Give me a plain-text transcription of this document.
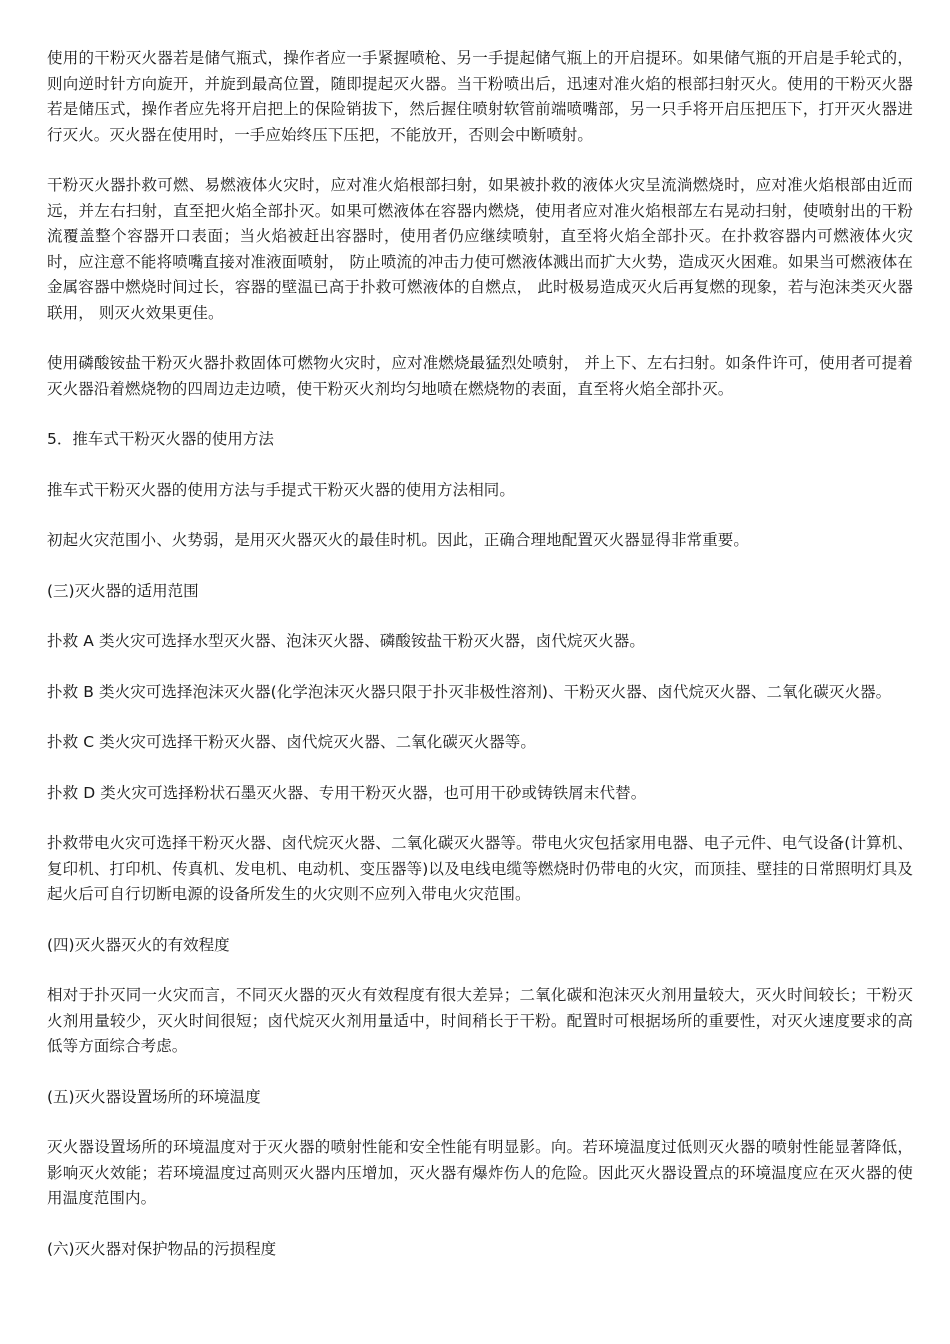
使用的干粉灭火器若是储气瓶式，操作者应一手紧握喷枪、另一手提起储气瓶上的开启提环。如果储气瓶的开启是手轮式的，则向逆时针方向旋开，并旋到最高位置，随即提起灭火器。当干粉喷出后，迅速对准火焰的根部扫射灭火。使用的干粉灭火器若是储压式，操作者应先将开启把上的保险销拔下，然后握住喷射软管前端喷嘴部，另一只手将开启压把压下，打开灭火器进行灭火。灭火器在使用时，一手应始终压下压把，不能放开，否则会中断喷射。

干粉灭火器扑救可燃、易燃液体火灾时，应对准火焰根部扫射，如果被扑救的液体火灾呈流淌燃烧时，应对准火焰根部由近而远，并左右扫射，直至把火焰全部扑灭。如果可燃液体在容器内燃烧，使用者应对准火焰根部左右晃动扫射，使喷射出的干粉流覆盖整个容器开口表面；当火焰被赶出容器时，使用者仍应继续喷射，直至将火焰全部扑灭。在扑救容器内可燃液体火灾时，应注意不能将喷嘴直接对准液面喷射， 防止喷流的冲击力使可燃液体溅出而扩大火势，造成灭火困难。如果当可燃液体在金属容器中燃烧时间过长，容器的壁温已高于扑救可燃液体的自燃点， 此时极易造成灭火后再复燃的现象，若与泡沫类灭火器联用， 则灭火效果更佳。

使用磷酸铵盐干粉灭火器扑救固体可燃物火灾时，应对准燃烧最猛烈处喷射， 并上下、左右扫射。如条件许可，使用者可提着灭火器沿着燃烧物的四周边走边喷，使干粉灭火剂均匀地喷在燃烧物的表面，直至将火焰全部扑灭。

5．推车式干粉灭火器的使用方法

推车式干粉灭火器的使用方法与手提式干粉灭火器的使用方法相同。

初起火灾范围小、火势弱，是用灭火器灭火的最佳时机。因此，正确合理地配置灭火器显得非常重要。

(三)灭火器的适用范围

扑救 A 类火灾可选择水型灭火器、泡沫灭火器、磷酸铵盐干粉灭火器，卤代烷灭火器。

扑救 B 类火灾可选择泡沫灭火器(化学泡沫灭火器只限于扑灭非极性溶剂)、干粉灭火器、卤代烷灭火器、二氧化碳灭火器。

扑救 C 类火灾可选择干粉灭火器、卤代烷灭火器、二氧化碳灭火器等。

扑救 D 类火灾可选择粉状石墨灭火器、专用干粉灭火器，也可用干砂或铸铁屑末代替。

扑救带电火灾可选择干粉灭火器、卤代烷灭火器、二氧化碳灭火器等。带电火灾包括家用电器、电子元件、电气设备(计算机、复印机、打印机、传真机、发电机、电动机、变压器等)以及电线电缆等燃烧时仍带电的火灾，而顶挂、壁挂的日常照明灯具及起火后可自行切断电源的设备所发生的火灾则不应列入带电火灾范围。

(四)灭火器灭火的有效程度

相对于扑灭同一火灾而言，不同灭火器的灭火有效程度有很大差异；二氧化碳和泡沫灭火剂用量较大，灭火时间较长；干粉灭火剂用量较少，灭火时间很短；卤代烷灭火剂用量适中，时间稍长于干粉。配置时可根据场所的重要性，对灭火速度要求的高低等方面综合考虑。

(五)灭火器设置场所的环境温度

灭火器设置场所的环境温度对于灭火器的喷射性能和安全性能有明显影。向。若环境温度过低则灭火器的喷射性能显著降低，影响灭火效能；若环境温度过高则灭火器内压增加，灭火器有爆炸伤人的危险。因此灭火器设置点的环境温度应在灭火器的使用温度范围内。

(六)灭火器对保护物品的污损程度
